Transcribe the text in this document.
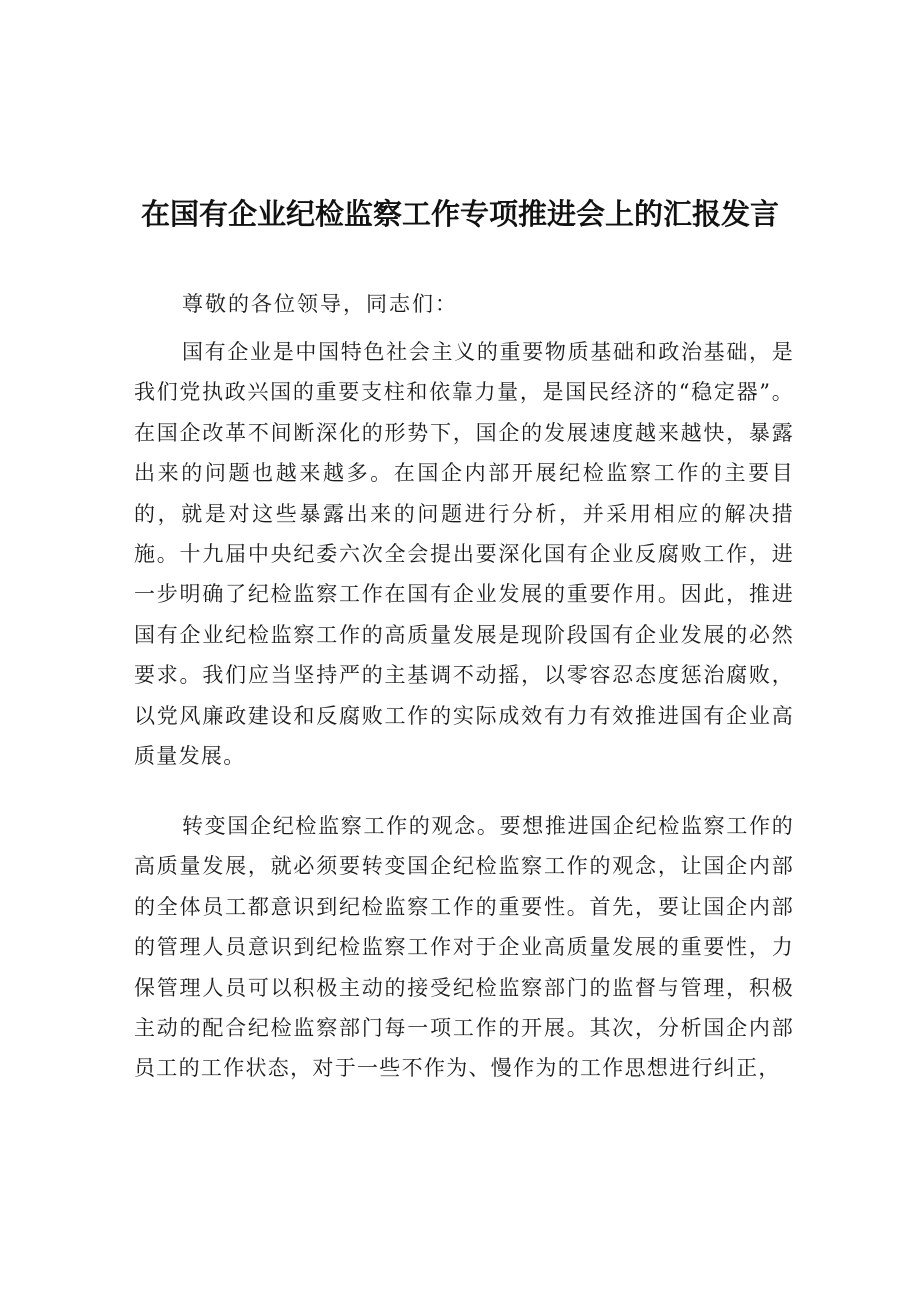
在国有企业纪检监察工作专项推进会上的汇报发言
尊敬的各位领导，同志们：

国有企业是中国特色社会主义的重要物质基础和政治基础，是我们党执政兴国的重要支柱和依靠力量，是国民经济的“稳定器”。在国企改革不间断深化的形势下，国企的发展速度越来越快，暴露出来的问题也越来越多。在国企内部开展纪检监察工作的主要目的，就是对这些暴露出来的问题进行分析，并采用相应的解决措施。十九届中央纪委六次全会提出要深化国有企业反腐败工作，进一步明确了纪检监察工作在国有企业发展的重要作用。因此，推进国有企业纪检监察工作的高质量发展是现阶段国有企业发展的必然要求。我们应当坚持严的主基调不动摇，以零容忍态度惩治腐败，以党风廉政建设和反腐败工作的实际成效有力有效推进国有企业高质量发展。

转变国企纪检监察工作的观念。要想推进国企纪检监察工作的高质量发展，就必须要转变国企纪检监察工作的观念，让国企内部的全体员工都意识到纪检监察工作的重要性。首先，要让国企内部的管理人员意识到纪检监察工作对于企业高质量发展的重要性，力保管理人员可以积极主动的接受纪检监察部门的监督与管理，积极主动的配合纪检监察部门每一项工作的开展。其次，分析国企内部员工的工作状态，对于一些不作为、慢作为的工作思想进行纠正，
